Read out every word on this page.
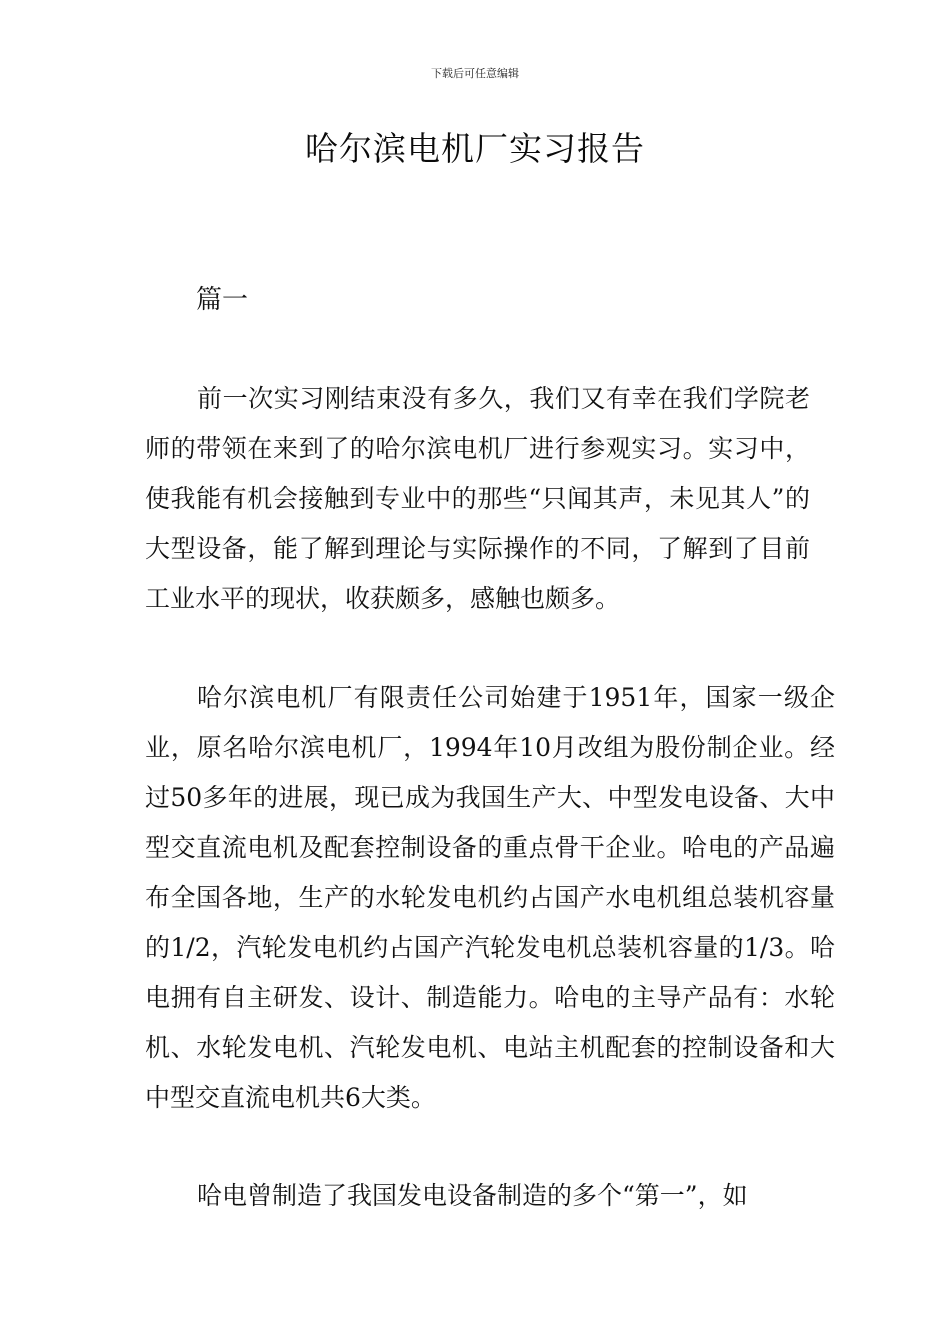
下载后可任意编辑
哈尔滨电机厂实习报告

篇一

前一次实习刚结束没有多久，我们又有幸在我们学院老师的带领在来到了的哈尔滨电机厂进行参观实习。实习中，使我能有机会接触到专业中的那些“只闻其声，未见其人”的大型设备，能了解到理论与实际操作的不同，了解到了目前工业水平的现状，收获颇多，感触也颇多。

哈尔滨电机厂有限责任公司始建于1951年，国家一级企业，原名哈尔滨电机厂，1994年10月改组为股份制企业。经过50多年的进展，现已成为我国生产大、中型发电设备、大中型交直流电机及配套控制设备的重点骨干企业。哈电的产品遍布全国各地，生产的水轮发电机约占国产水电机组总装机容量的1/2，汽轮发电机约占国产汽轮发电机总装机容量的1/3。哈电拥有自主研发、设计、制造能力。哈电的主导产品有：水轮机、水轮发电机、汽轮发电机、电站主机配套的控制设备和大中型交直流电机共6大类。

哈电曾制造了我国发电设备制造的多个“第一”，如
